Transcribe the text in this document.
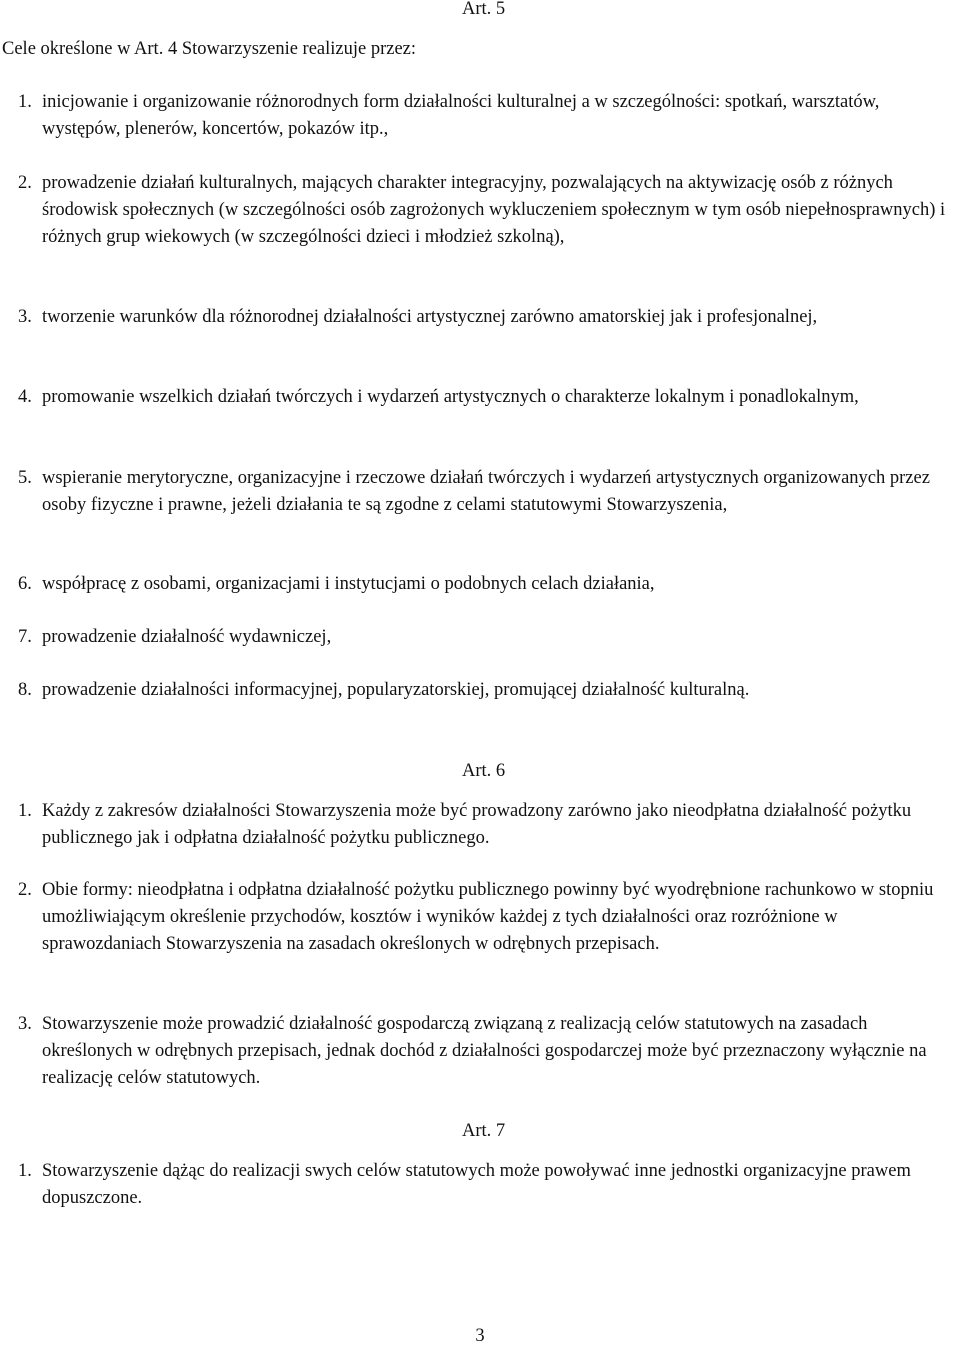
Art. 5
Cele określone w Art. 4 Stowarzyszenie realizuje przez:
1. inicjowanie i organizowanie różnorodnych form działalności kulturalnej a w szczególności: spotkań, warsztatów, występów, plenerów, koncertów, pokazów itp.,
2. prowadzenie działań kulturalnych, mających charakter integracyjny, pozwalających na aktywizację osób z różnych środowisk społecznych (w szczególności osób zagrożonych wykluczeniem społecznym w tym osób niepełnosprawnych) i różnych grup wiekowych (w szczególności dzieci i młodzież szkolną),
3. tworzenie warunków dla różnorodnej działalności artystycznej zarówno amatorskiej jak i profesjonalnej,
4. promowanie wszelkich działań twórczych i wydarzeń artystycznych o charakterze lokalnym i ponadlokalnym,
5. wspieranie merytoryczne, organizacyjne i rzeczowe działań twórczych i wydarzeń artystycznych organizowanych przez osoby fizyczne i prawne, jeżeli działania te są zgodne z celami statutowymi Stowarzyszenia,
6. współpracę z osobami, organizacjami i instytucjami o podobnych celach działania,
7. prowadzenie działalność wydawniczej,
8. prowadzenie działalności informacyjnej, popularyzatorskiej, promującej działalność kulturalną.
Art. 6
1. Każdy z zakresów działalności Stowarzyszenia może być prowadzony zarówno jako nieodpłatna działalność pożytku publicznego jak i odpłatna działalność pożytku publicznego.
2. Obie formy: nieodpłatna i odpłatna działalność pożytku publicznego powinny być wyodrębnione rachunkowo w stopniu umożliwiającym określenie przychodów, kosztów i wyników każdej z tych działalności oraz rozróżnione w sprawozdaniach Stowarzyszenia na zasadach określonych w odrębnych przepisach.
3. Stowarzyszenie może prowadzić działalność gospodarczą związaną z realizacją celów statutowych na zasadach określonych w odrębnych przepisach, jednak dochód z działalności gospodarczej może być przeznaczony wyłącznie na realizację celów statutowych.
Art. 7
1. Stowarzyszenie dążąc do realizacji swych celów statutowych może powoływać inne jednostki organizacyjne prawem dopuszczone.
3
